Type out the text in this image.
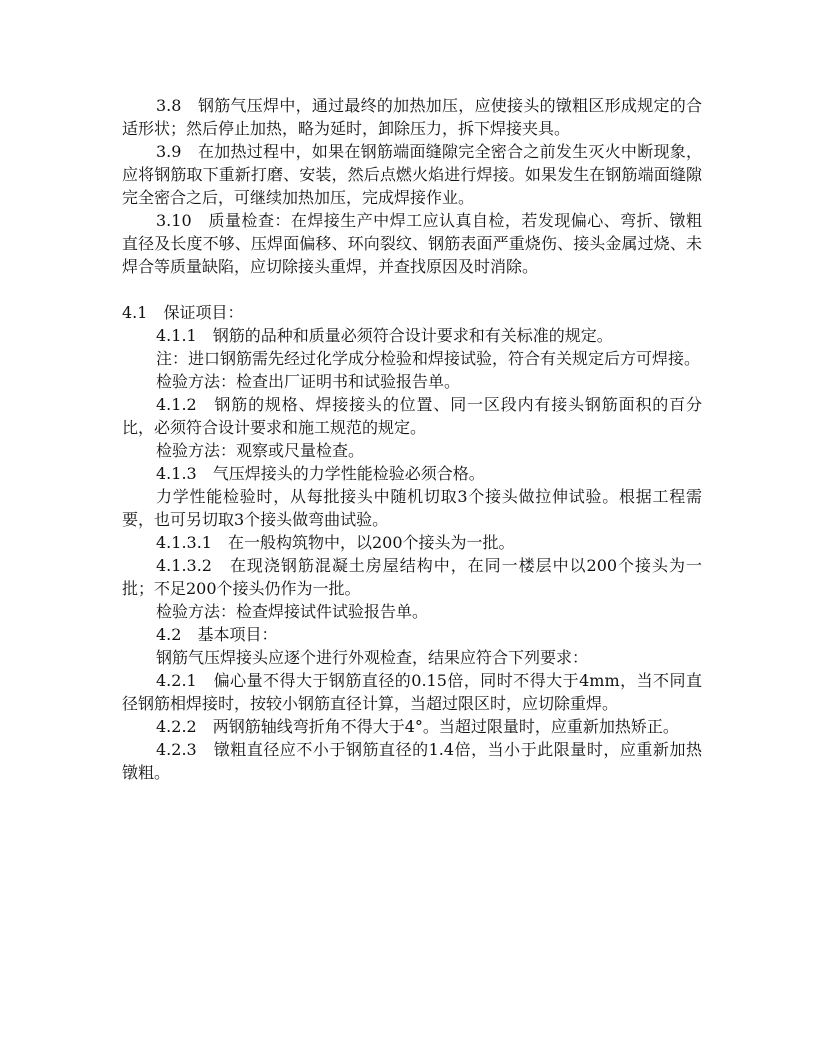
3.8　钢筋气压焊中，通过最终的加热加压，应使接头的镦粗区形成规定的合适形状；然后停止加热，略为延时，卸除压力，拆下焊接夹具。

3.9　在加热过程中，如果在钢筋端面缝隙完全密合之前发生灭火中断现象，应将钢筋取下重新打磨、安装，然后点燃火焰进行焊接。如果发生在钢筋端面缝隙完全密合之后，可继续加热加压，完成焊接作业。

3.10　质量检查：在焊接生产中焊工应认真自检，若发现偏心、弯折、镦粗直径及长度不够、压焊面偏移、环向裂纹、钢筋表面严重烧伤、接头金属过烧、未焊合等质量缺陷，应切除接头重焊，并查找原因及时消除。

4.1　保证项目：

4.1.1　钢筋的品种和质量必须符合设计要求和有关标准的规定。

注：进口钢筋需先经过化学成分检验和焊接试验，符合有关规定后方可焊接。

检验方法：检查出厂证明书和试验报告单。

4.1.2　钢筋的规格、焊接接头的位置、同一区段内有接头钢筋面积的百分比，必须符合设计要求和施工规范的规定。

检验方法：观察或尺量检查。

4.1.3　气压焊接头的力学性能检验必须合格。

力学性能检验时，从每批接头中随机切取3个接头做拉伸试验。根据工程需要，也可另切取3个接头做弯曲试验。

4.1.3.1　在一般构筑物中，以200个接头为一批。

4.1.3.2　在现浇钢筋混凝土房屋结构中，在同一楼层中以200个接头为一批；不足200个接头仍作为一批。

检验方法：检查焊接试件试验报告单。

4.2　基本项目：

钢筋气压焊接头应逐个进行外观检查，结果应符合下列要求：

4.2.1　偏心量不得大于钢筋直径的0.15倍，同时不得大于4mm，当不同直径钢筋相焊接时，按较小钢筋直径计算，当超过限区时，应切除重焊。

4.2.2　两钢筋轴线弯折角不得大于4°。当超过限量时，应重新加热矫正。

4.2.3　镦粗直径应不小于钢筋直径的1.4倍，当小于此限量时，应重新加热镦粗。
